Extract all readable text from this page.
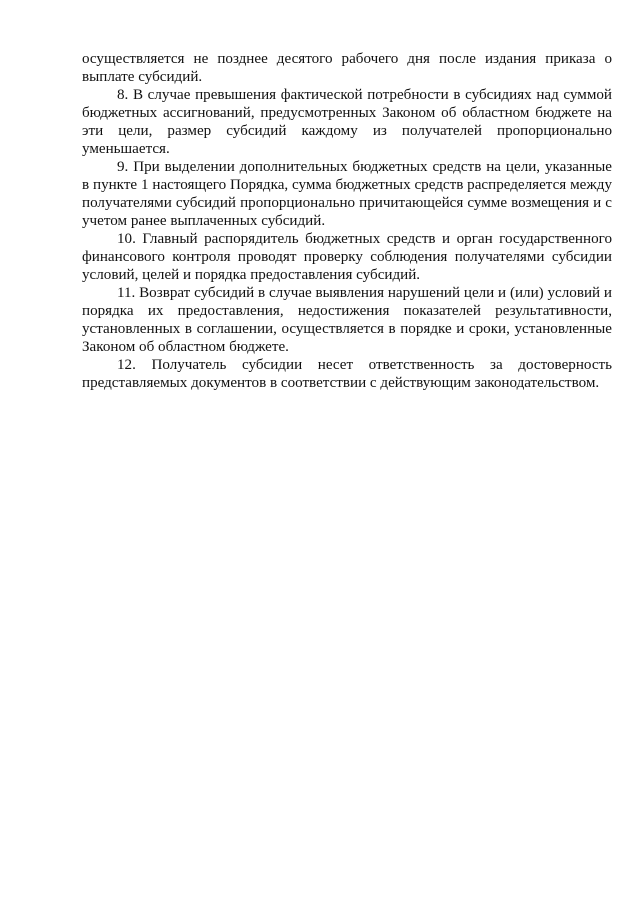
осуществляется не позднее десятого рабочего дня после издания приказа о выплате субсидий.

8. В случае превышения фактической потребности в субсидиях над суммой бюджетных ассигнований, предусмотренных Законом об областном бюджете на эти цели, размер субсидий каждому из получателей пропорционально уменьшается.

9. При выделении дополнительных бюджетных средств на цели, указанные в пункте 1 настоящего Порядка, сумма бюджетных средств распределяется между получателями субсидий пропорционально причитающейся сумме возмещения и с учетом ранее выплаченных субсидий.

10. Главный распорядитель бюджетных средств и орган государственного финансового контроля проводят проверку соблюдения получателями субсидии условий, целей и порядка предоставления субсидий.

11. Возврат субсидий в случае выявления нарушений цели и (или) условий и порядка их предоставления, недостижения показателей результативности, установленных в соглашении, осуществляется в порядке и сроки, установленные Законом об областном бюджете.

12. Получатель субсидии несет ответственность за достоверность представляемых документов в соответствии с действующим законодательством.
